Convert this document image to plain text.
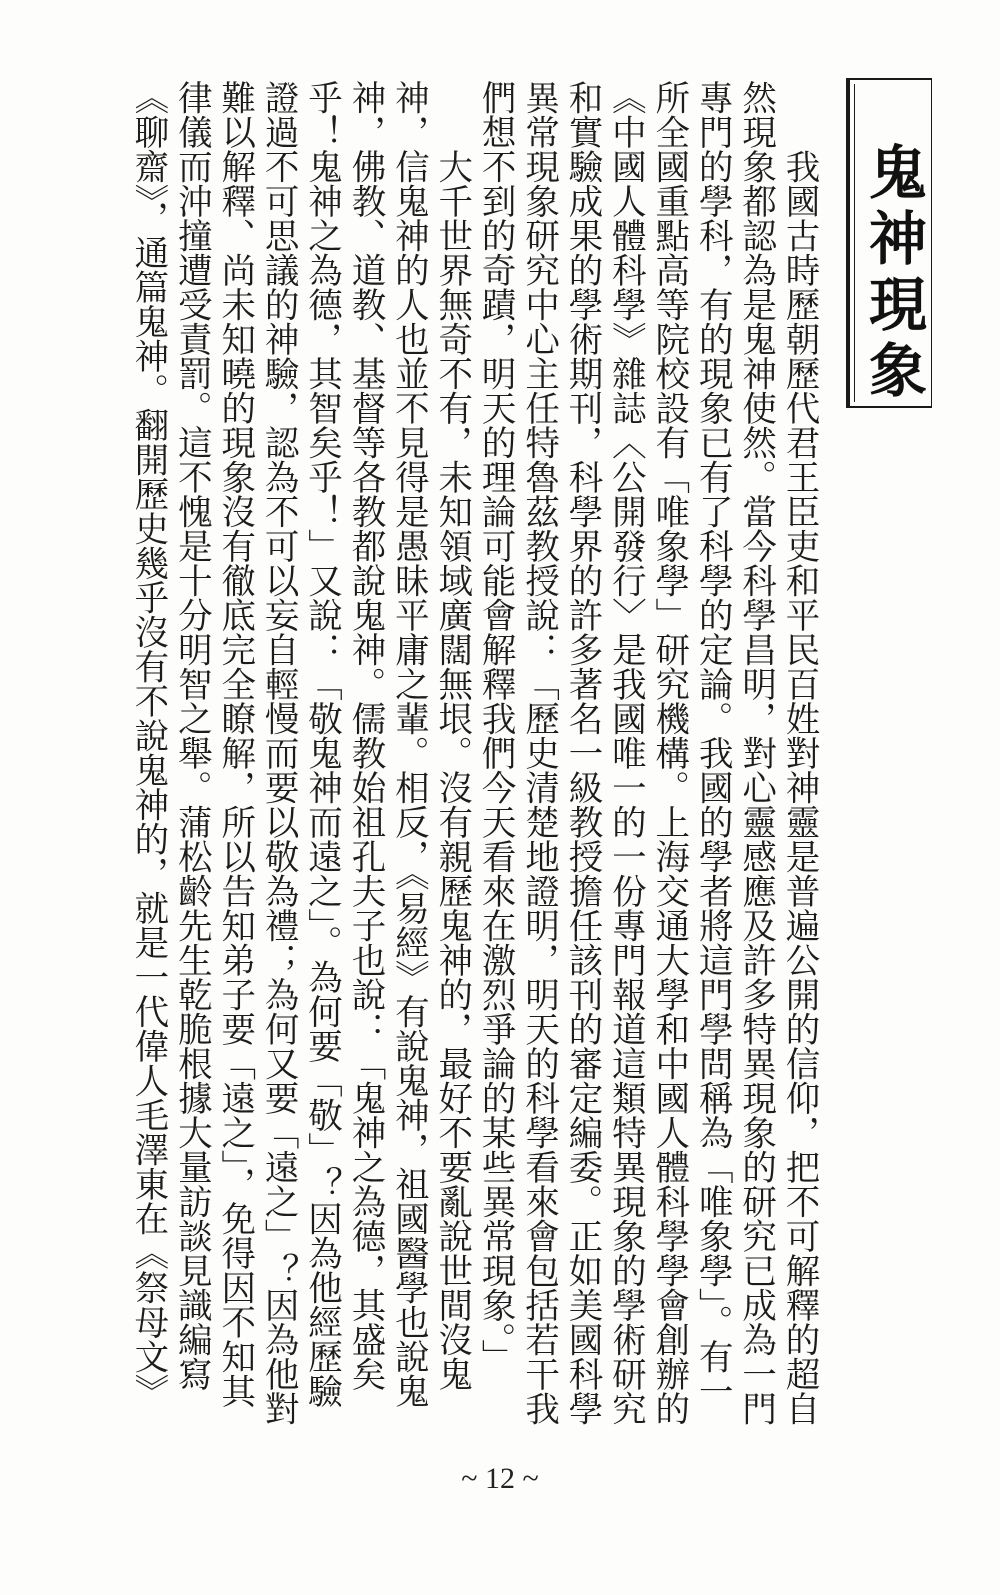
鬼神現象

我國古時歷朝歷代君王臣吏和平民百姓對神靈是普遍公開的信仰，把不可解釋的超自然現象都認為是鬼神使然。當今科學昌明，對心靈感應及許多特異現象的研究已成為一門專門的學科，有的現象已有了科學的定論。我國的學者將這門學問稱為「唯象學」。有一所全國重點高等院校設有「唯象學」研究機構。上海交通大學和中國人體科學學會創辦的《中國人體科學》雜誌〈公開發行〉是我國唯一的一份專門報道這類特異現象的學術研究和實驗成果的學術期刊，科學界的許多著名一級教授擔任該刊的審定編委。正如美國科學異常現象研究中心主任特魯茲教授說：「歷史清楚地證明，明天的科學看來會包括若干我們想不到的奇蹟，明天的理論可能會解釋我們今天看來在激烈爭論的某些異常現象。」

大千世界無奇不有，未知領域廣闊無垠。沒有親歷鬼神的，最好不要亂說世間沒鬼神，信鬼神的人也並不見得是愚昧平庸之輩。相反，《易經》有說鬼神，祖國醫學也說鬼神，佛教、道教、基督等各教都說鬼神。儒教始祖孔夫子也說：「鬼神之為德，其盛矣乎！鬼神之為德，其智矣乎！」又說：「敬鬼神而遠之」。為何要「敬」？因為他經歷驗證過不可思議的神驗，認為不可以妄自輕慢而要以敬為禮；為何又要「遠之」？因為他對難以解釋、尚未知曉的現象沒有徹底完全瞭解，所以告知弟子要「遠之」，免得因不知其律儀而沖撞遭受責罰。這不愧是十分明智之舉。蒲松齡先生乾脆根據大量訪談見識編寫《聊齋》，通篇鬼神。翻開歷史幾乎沒有不說鬼神的，就是一代偉人毛澤東在《祭母文》

~ 12 ~
